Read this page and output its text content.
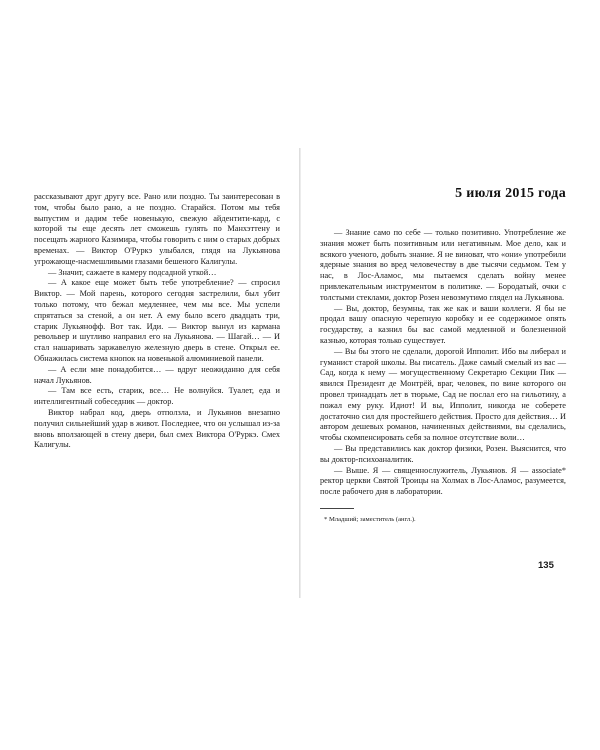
рассказывают друг другу все. Рано или поздно. Ты заинтересован в том, чтобы было рано, а не поздно. Старайся. Потом мы тебя выпустим и дадим тебе новенькую, свежую айдентити-кард, с которой ты еще десять лет сможешь гулять по Манхэттену и посещать жарного Казимира, чтобы говорить с ним о старых добрых временах. — Виктор О'Руркэ улыбался, глядя на Лукьянова угрожающе-насмешливыми глазами бешеного Калигулы.

— Значит, сажаете в камеру подсадной уткой…

— А какое еще может быть тебе употребление? — спросил Виктор. — Мой парень, которого сегодня застрелили, был убит только потому, что бежал медленнее, чем мы все. Мы успели спрятаться за стеной, а он нет. А ему было всего двадцать три, старик Лукьянофф. Вот так. Иди. — Виктор вынул из кармана револьвер и шутливо направил его на Лукьянова. — Шагай… — И стал нашаривать заржавелую железную дверь в стене. Открыл ее. Обнажилась система кнопок на новенькой алюминиевой панели.

— А если мне понадобится… — вдруг неожиданно для себя начал Лукьянов.

— Там все есть, старик, все… Не волнуйся. Туалет, еда и интеллигентный собеседник — доктор.

Виктор набрал код, дверь отползла, и Лукьянов внезапно получил сильнейший удар в живот. Последнее, что он услышал из-за вновь вползающей в стену двери, был смех Виктора О'Руркэ. Смех Калигулы.

5 июля 2015 года

— Знание само по себе — только позитивно. Употребление же знания может быть позитивным или негативным. Мое дело, как и всякого ученого, добыть знание. Я не виноват, что «они» употребили ядерные знания во вред человечеству в две тысячи седьмом. Тем у нас, в Лос-Аламос, мы пытаемся сделать войну менее привлекательным инструментом в политике. — Бородатый, очки с толстыми стеклами, доктор Розен невозмутимо глядел на Лукьянова.

— Вы, доктор, безумны, так же как и ваши коллеги. Я бы не продал вашу опасную черепную коробку и ее содержимое опять государству, а казнил бы вас самой медленной и болезненной казнью, которая только существует.

— Вы бы этого не сделали, дорогой Ипполит. Ибо вы либерал и гуманист старой школы. Вы писатель. Даже самый смелый из вас — Сад, когда к нему — могущественному Секретарю Секции Пик — явился Президент де Монтрёй, враг, человек, по вине которого он провел тринадцать лет в тюрьме, Сад не послал его на гильотину, а пожал ему руку. Идиот! И вы, Ипполит, никогда не соберете достаточно сил для простейшего действия. Просто для действия… И автором дешевых романов, начиненных действиями, вы сделались, чтобы скомпенсировать себя за полное отсутствие воли…

— Вы представились как доктор физики, Розен. Выяснится, что вы доктор-психоаналитик.

— Выше. Я — священнослужитель, Лукьянов. Я — associate* ректор церкви Святой Троицы на Холмах в Лос-Аламос, разумеется, после рабочего дня в лаборатории.

* Младший; заместитель (англ.).

135
